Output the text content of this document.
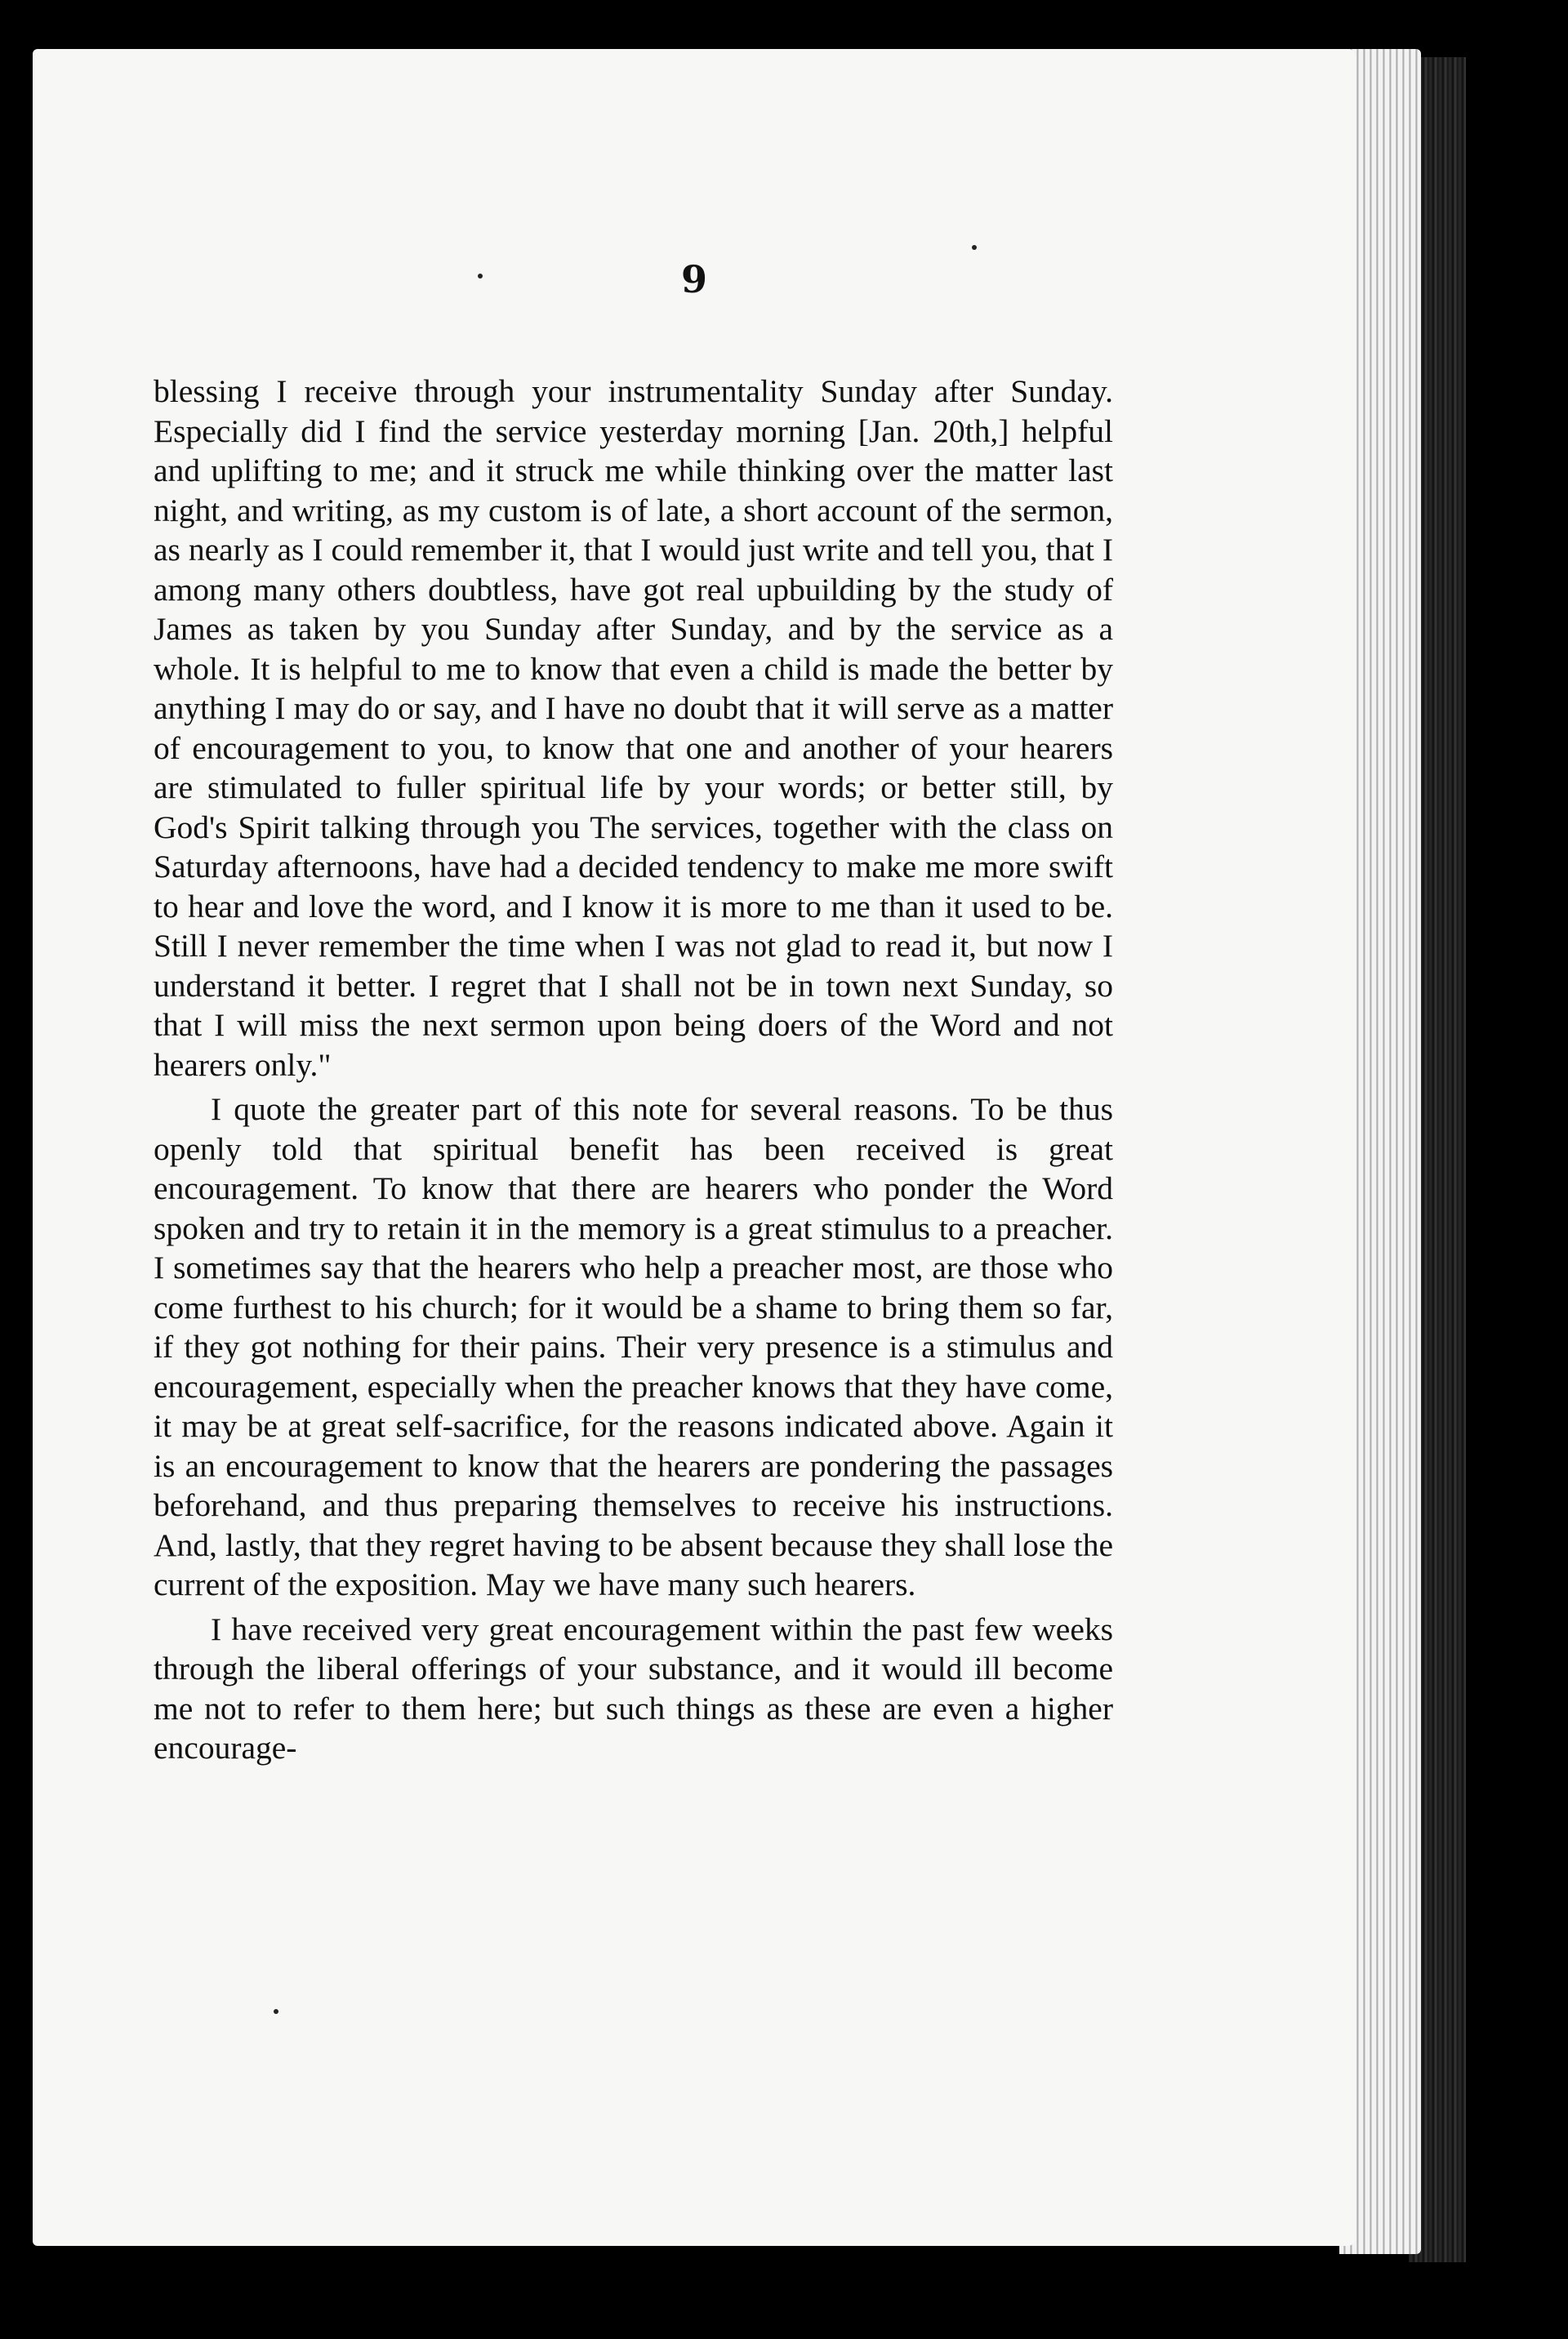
9

blessing I receive through your instrumentality Sunday after Sunday. Especially did I find the service yesterday morning [Jan. 20th,] helpful and uplifting to me; and it struck me while thinking over the matter last night, and writing, as my custom is of late, a short account of the sermon, as nearly as I could remember it, that I would just write and tell you, that I among many others doubtless, have got real upbuilding by the study of James as taken by you Sunday after Sunday, and by the service as a whole. It is helpful to me to know that even a child is made the better by anything I may do or say, and I have no doubt that it will serve as a matter of encouragement to you, to know that one and another of your hearers are stimulated to fuller spiritual life by your words; or better still, by God's Spirit talking through you The services, together with the class on Saturday afternoons, have had a decided tendency to make me more swift to hear and love the word, and I know it is more to me than it used to be. Still I never remember the time when I was not glad to read it, but now I understand it better. I regret that I shall not be in town next Sunday, so that I will miss the next sermon upon being doers of the Word and not hearers only."

I quote the greater part of this note for several reasons. To be thus openly told that spiritual benefit has been received is great encouragement. To know that there are hearers who ponder the Word spoken and try to retain it in the memory is a great stimulus to a preacher. I sometimes say that the hearers who help a preacher most, are those who come furthest to his church; for it would be a shame to bring them so far, if they got nothing for their pains. Their very presence is a stimulus and encouragement, especially when the preacher knows that they have come, it may be at great self-sacrifice, for the reasons indicated above. Again it is an encouragement to know that the hearers are pondering the passages beforehand, and thus preparing themselves to receive his instructions. And, lastly, that they regret having to be absent because they shall lose the current of the exposition. May we have many such hearers.

I have received very great encouragement within the past few weeks through the liberal offerings of your substance, and it would ill become me not to refer to them here; but such things as these are even a higher encourage-
